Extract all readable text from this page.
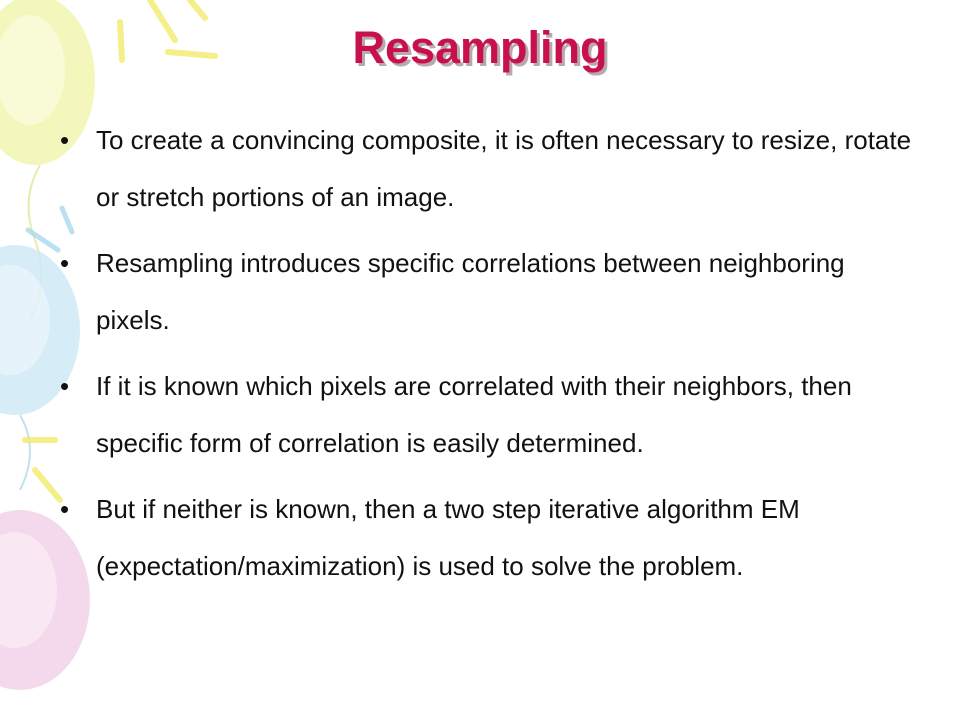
Resampling
• To create a convincing composite, it is often necessary to resize, rotate or stretch portions of an image.
• Resampling introduces specific correlations between neighboring pixels.
• If it is known which pixels are correlated with their neighbors, then specific form of correlation is easily determined.
• But if neither is known, then a two step iterative algorithm EM (expectation/maximization) is used to solve the problem.
